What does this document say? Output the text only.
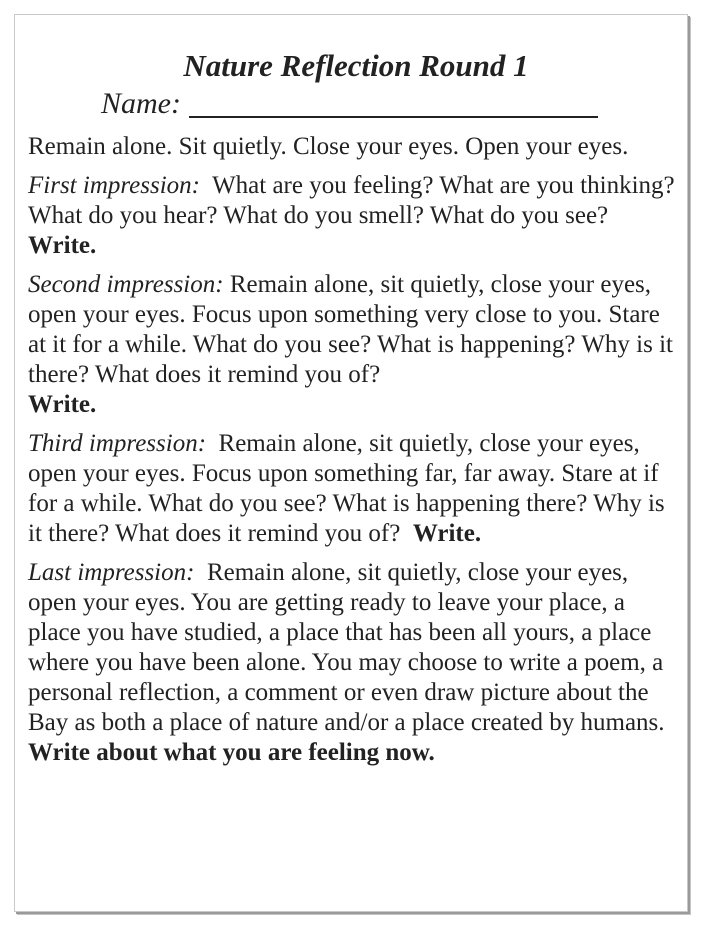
Nature Reflection Round 1
Name:

Remain alone. Sit quietly. Close your eyes. Open your eyes.

First impression: What are you feeling? What are you thinking? What do you hear? What do you smell? What do you see?  Write.

Second impression: Remain alone, sit quietly, close your eyes, open your eyes. Focus upon something very close to you. Stare at it for a while. What do you see? What is happening? Why is it there? What does it remind you of?
Write.

Third impression: Remain alone, sit quietly, close your eyes, open your eyes. Focus upon something far, far away. Stare at if for a while. What do you see? What is happening there? Why is it there? What does it remind you of? Write.

Last impression: Remain alone, sit quietly, close your eyes, open your eyes. You are getting ready to leave your place, a place you have studied, a place that has been all yours, a place where you have been alone. You may choose to write a poem, a personal reflection, a comment or even draw picture about the Bay as both a place of nature and/or a place created by humans.
Write about what you are feeling now.
